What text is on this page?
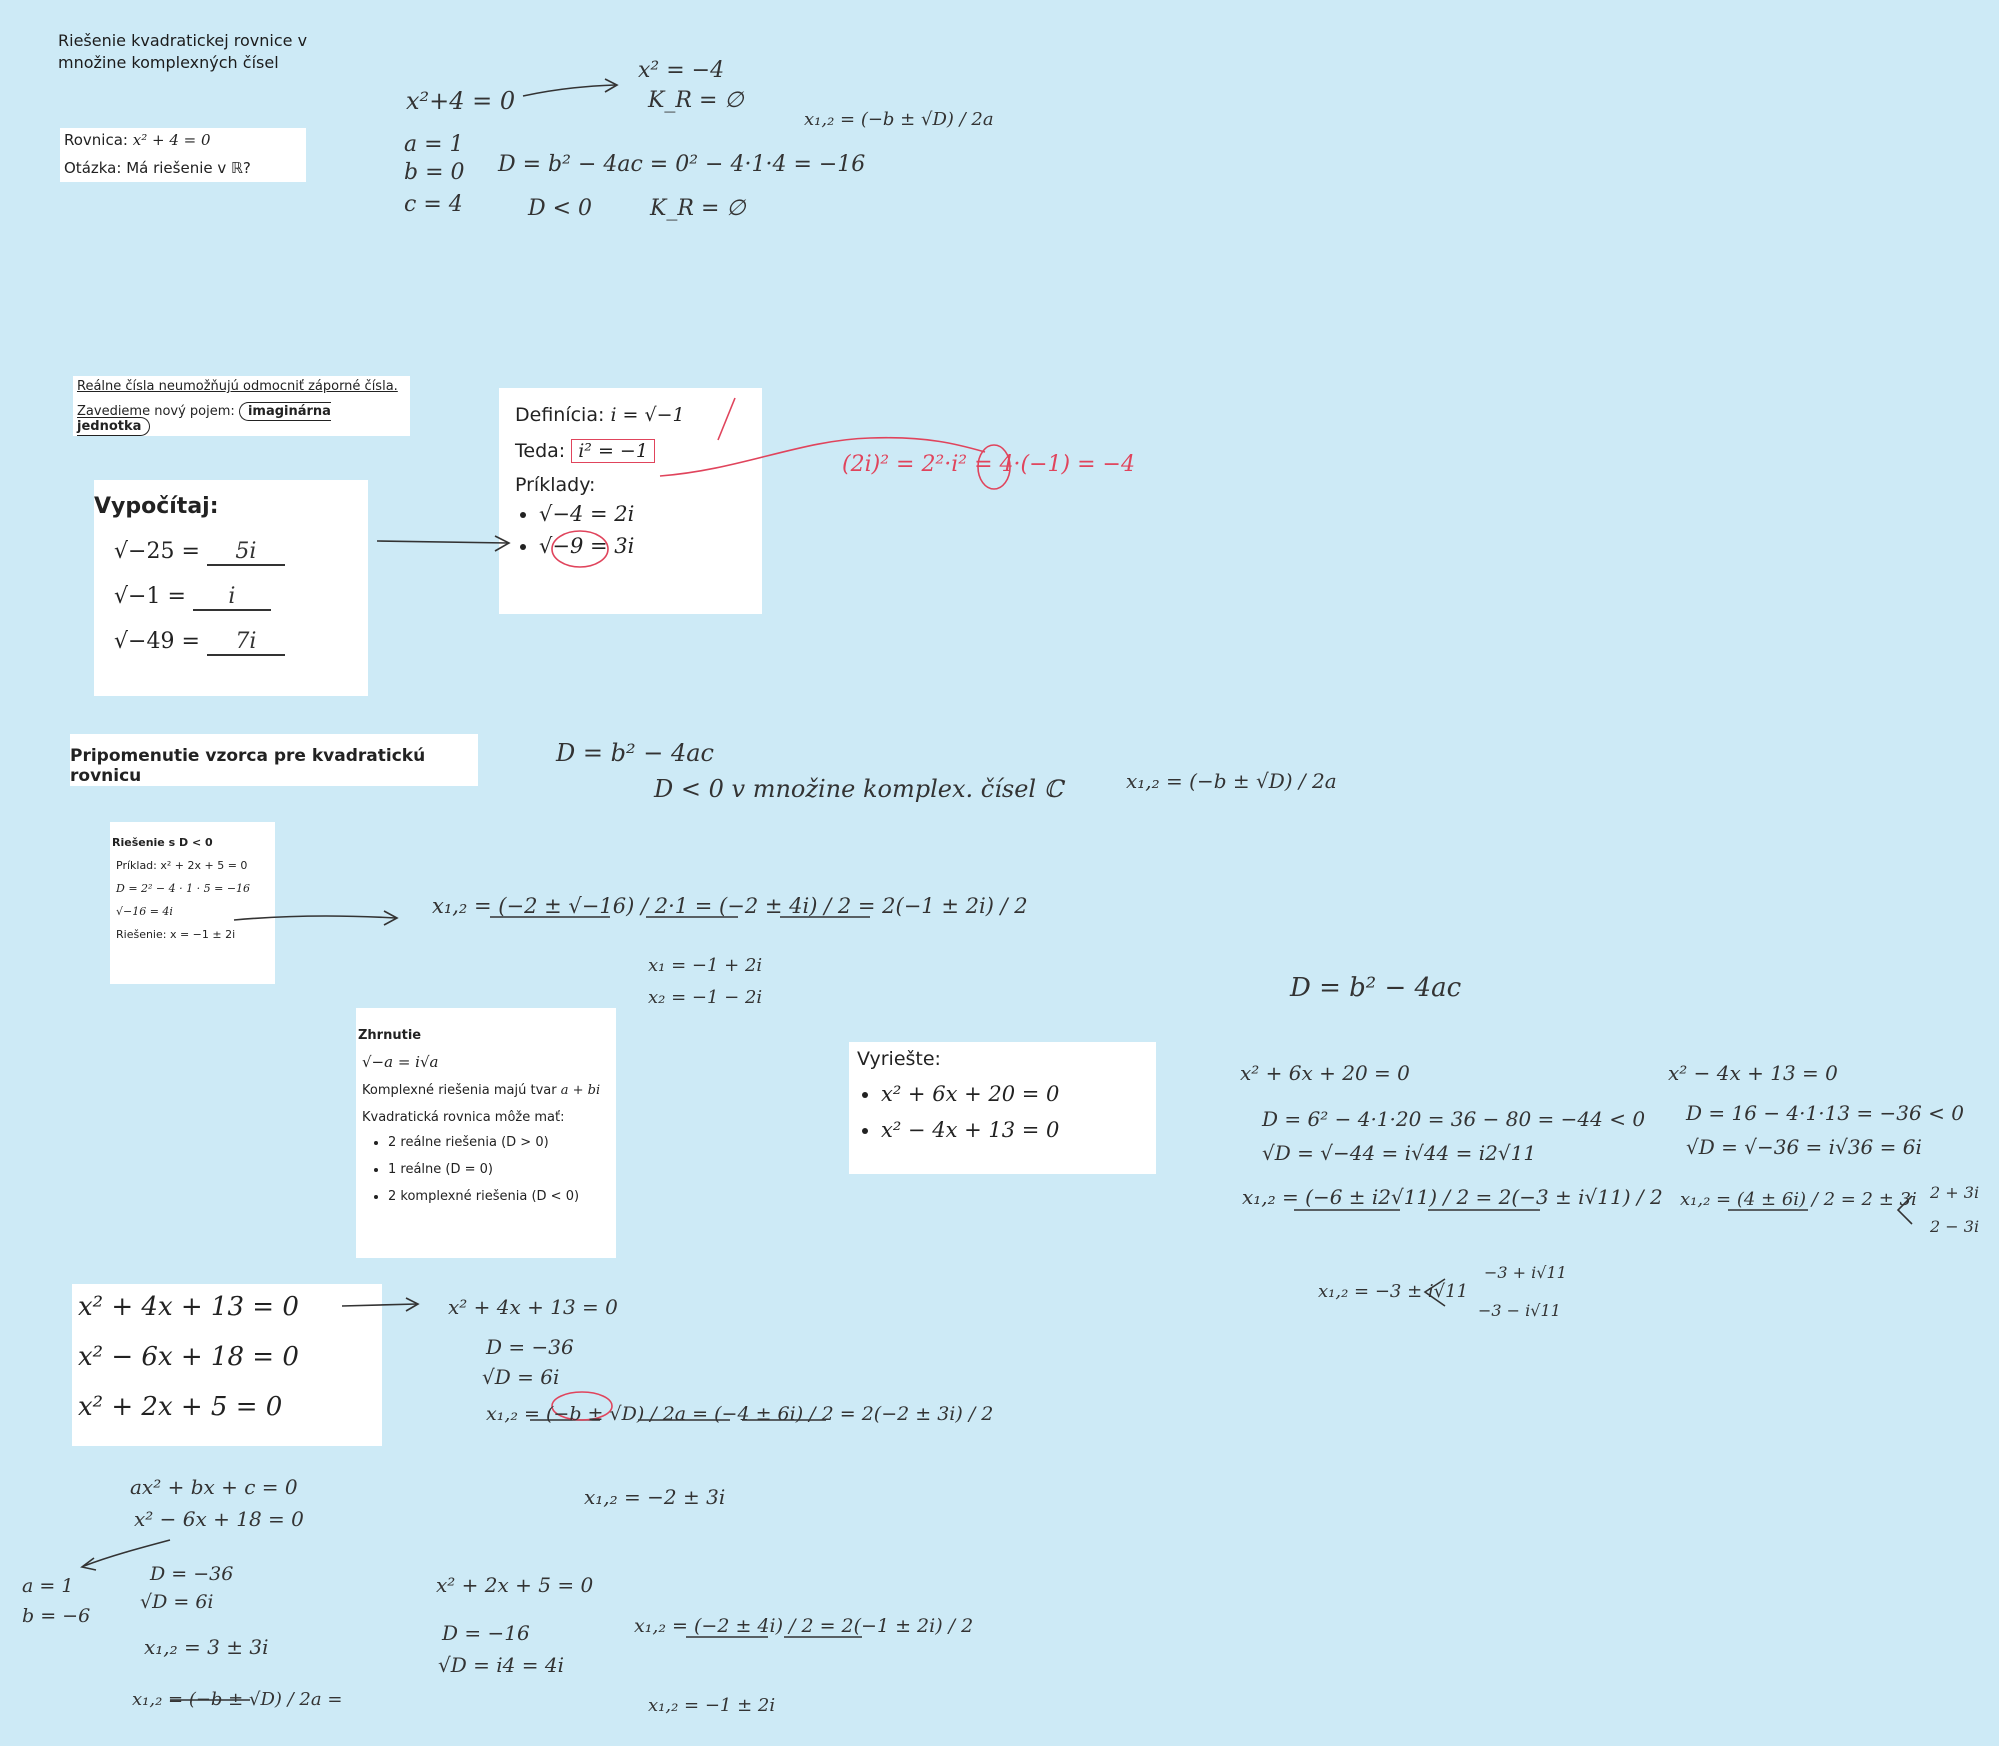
Riešenie kvadratickej rovnice v množine komplexných čísel

Rovnica: x² + 4 = 0

Otázka: Má riešenie v ℝ?

Reálne čísla neumožňujú odmocniť záporné čísla.

Zavedieme nový pojem: imaginárna jednotka

Definícia: i = √−1

Teda: i² = −1

Príklady:

• √−4 = 2i
• √−9 = 3i

Vypočítaj:

√−25 = 5i
√−1 = i
√−49 = 7i

Pripomenutie vzorca pre kvadratickú rovnicu

Riešenie s D < 0

Príklad: x² + 2x + 5 = 0

D = 2² − 4 · 1 · 5 = −16

√−16 = 4i

Riešenie: x = −1 ± 2i

Zhrnutie

√−a = i√a

Komplexné riešenia majú tvar a + bi

Kvadratická rovnica môže mať:

• 2 reálne riešenia (D > 0)
• 1 reálne (D = 0)
• 2 komplexné riešenia (D < 0)

Vyriešte:

• x² + 6x + 20 = 0
• x² − 4x + 13 = 0

x² + 4x + 13 = 0

x² − 6x + 18 = 0

x² + 2x + 5 = 0

x²+4 = 0
x² = −4
K_R = ∅
x₁,₂ = (−b ± √D) / 2a
a = 1
b = 0
c = 4
D = b² − 4ac = 0² − 4·1·4 = −16
D < 0	K_R = ∅
(2i)² = 2²·i² = 4·(−1) = −4
D = b² − 4ac
D < 0 v množine komplex. čísel ℂ	x₁,₂ = (−b ± √D) / 2a
x₁,₂ = (−2 ± √−16) / 2·1 = (−2 ± 4i) / 2 = 2(−1 ± 2i) / 2
x₁ = −1 + 2i
x₂ = −1 − 2i	D = b² − 4ac
x² + 6x + 20 = 0
D = 6² − 4·1·20 = 36 − 80 = −44 < 0
√D = √−44 = i√44 = i2√11
x₁,₂ = (−6 ± i2√11) / 2 = 2(−3 ± i√11) / 2
x₁,₂ = −3 ± i√11
−3 + i√11
−3 − i√11
x² − 4x + 13 = 0
D = 16 − 4·1·13 = −36 < 0
√D = √−36 = i√36 = 6i
x₁,₂ = (4 ± 6i) / 2 = 2 ± 3i 2 + 3i
2 − 3i
x² + 4x + 13 = 0
D = −36
√D = 6i
x₁,₂ = (−b ± √D) / 2a = (−4 ± 6i) / 2 = 2(−2 ± 3i) / 2
x₁,₂ = −2 ± 3i
ax² + bx + c = 0
x² − 6x + 18 = 0
D = −36
√D = 6i
a = 1
b = −6
x₁,₂ = 3 ± 3i
x₁,₂ = (−b ± √D) / 2a =
x² + 2x + 5 = 0
D = −16
√D = i4 = 4i
x₁,₂ = (−2 ± 4i) / 2 = 2(−1 ± 2i) / 2
x₁,₂ = −1 ± 2i
